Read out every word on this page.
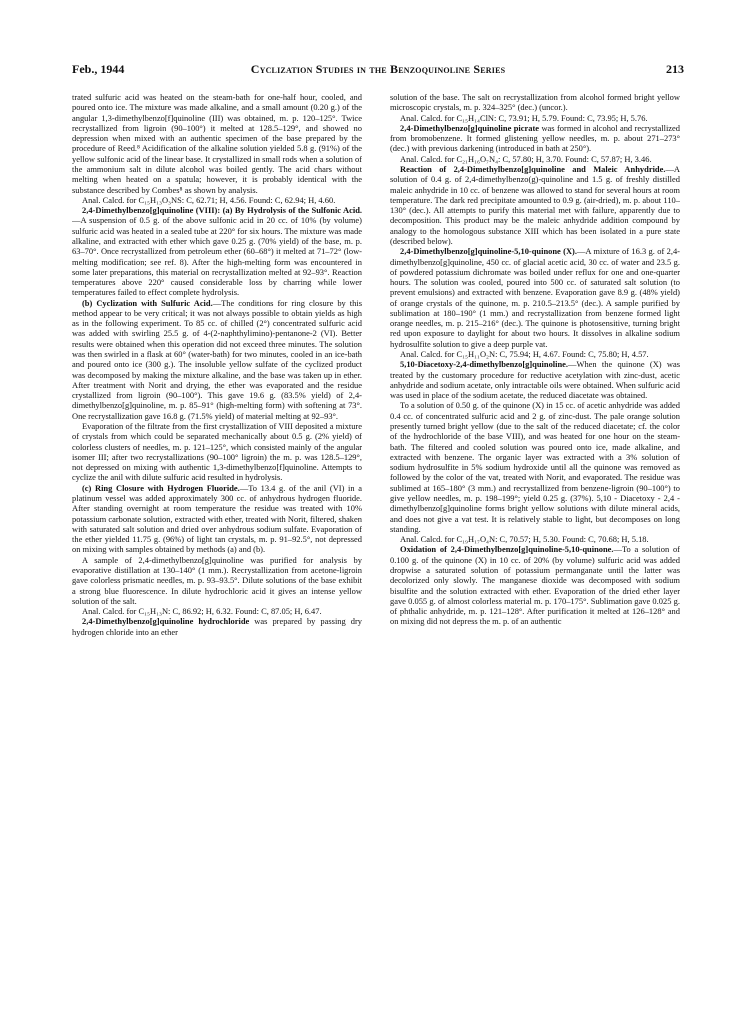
Feb., 1944	Cyclization Studies in the Benzoquinoline Series	213

trated sulfuric acid was heated on the steam-bath for one-half hour, cooled, and poured onto ice. The mixture was made alkaline, and a small amount (0.20 g.) of the angular 1,3-dimethylbenzo[f]quinoline (III) was obtained, m. p. 120–125°. Twice recrystallized from ligroin (90–100°) it melted at 128.5–129°, and showed no depression when mixed with an authentic specimen of the base prepared by the procedure of Reed.⁸ Acidification of the alkaline solution yielded 5.8 g. (91%) of the yellow sulfonic acid of the linear base. It crystallized in small rods when a solution of the ammonium salt in dilute alcohol was boiled gently. The acid chars without melting when heated on a spatula; however, it is probably identical with the substance described by Combes⁸ as shown by analysis.

Anal. Calcd. for C₁₅H₁₃O₃NS: C, 62.71; H, 4.56. Found: C, 62.94; H, 4.60.

2,4-Dimethylbenzo[g]quinoline (VIII): (a) By Hydrolysis of the Sulfonic Acid.—A suspension of 0.5 g. of the above sulfonic acid in 20 cc. of 10% (by volume) sulfuric acid was heated in a sealed tube at 220° for six hours. The mixture was made alkaline, and extracted with ether which gave 0.25 g. (70% yield) of the base, m. p. 63–70°. Once recrystallized from petroleum ether (60–68°) it melted at 71–72° (low-melting modification; see ref. 8). After the high-melting form was encountered in some later preparations, this material on recrystallization melted at 92–93°. Reaction temperatures above 220° caused considerable loss by charring while lower temperatures failed to effect complete hydrolysis.

(b) Cyclization with Sulfuric Acid.—The conditions for ring closure by this method appear to be very critical; it was not always possible to obtain yields as high as in the following experiment. To 85 cc. of chilled (2°) concentrated sulfuric acid was added with swirling 25.5 g. of 4-(2-naphthylimino)-pentanone-2 (VI). Better results were obtained when this operation did not exceed three minutes. The solution was then swirled in a flask at 60° (water-bath) for two minutes, cooled in an ice-bath and poured onto ice (300 g.). The insoluble yellow sulfate of the cyclized product was decomposed by making the mixture alkaline, and the base was taken up in ether. After treatment with Norit and drying, the ether was evaporated and the residue crystallized from ligroin (90–100°). This gave 19.6 g. (83.5% yield) of 2,4-dimethylbenzo[g]quinoline, m. p. 85–91° (high-melting form) with softening at 73°. One recrystallization gave 16.8 g. (71.5% yield) of material melting at 92–93°.

Evaporation of the filtrate from the first crystallization of VIII deposited a mixture of crystals from which could be separated mechanically about 0.5 g. (2% yield) of colorless clusters of needles, m. p. 121–125°, which consisted mainly of the angular isomer III; after two recrystallizations (90–100° ligroin) the m. p. was 128.5–129°, not depressed on mixing with authentic 1,3-dimethylbenzo[f]quinoline. Attempts to cyclize the anil with dilute sulfuric acid resulted in hydrolysis.

(c) Ring Closure with Hydrogen Fluoride.—To 13.4 g. of the anil (VI) in a platinum vessel was added approximately 300 cc. of anhydrous hydrogen fluoride. After standing overnight at room temperature the residue was treated with 10% potassium carbonate solution, extracted with ether, treated with Norit, filtered, shaken with saturated salt solution and dried over anhydrous sodium sulfate. Evaporation of the ether yielded 11.75 g. (96%) of light tan crystals, m. p. 91–92.5°, not depressed on mixing with samples obtained by methods (a) and (b).

A sample of 2,4-dimethylbenzo[g]quinoline was purified for analysis by evaporative distillation at 130–140° (1 mm.). Recrystallization from acetone-ligroin gave colorless prismatic needles, m. p. 93–93.5°. Dilute solutions of the base exhibit a strong blue fluorescence. In dilute hydrochloric acid it gives an intense yellow solution of the salt.

Anal. Calcd. for C₁₅H₁₃N: C, 86.92; H, 6.32. Found: C, 87.05; H, 6.47.

2,4-Dimethylbenzo[g]quinoline hydrochloride was prepared by passing dry hydrogen chloride into an ether

solution of the base. The salt on recrystallization from alcohol formed bright yellow microscopic crystals, m. p. 324–325° (dec.) (uncor.).

Anal. Calcd. for C₁₅H₁₄ClN: C, 73.91; H, 5.79. Found: C, 73.95; H, 5.76.

2,4-Dimethylbenzo[g]quinoline picrate was formed in alcohol and recrystallized from bromobenzene. It formed glistening yellow needles, m. p. about 271–273° (dec.) with previous darkening (introduced in bath at 250°).

Anal. Calcd. for C₂₁H₁₆O₇N₄: C, 57.80; H, 3.70. Found: C, 57.87; H, 3.46.

Reaction of 2,4-Dimethylbenzo[g]quinoline and Maleic Anhydride.—A solution of 0.4 g. of 2,4-dimethylbenzo(g)-quinoline and 1.5 g. of freshly distilled maleic anhydride in 10 cc. of benzene was allowed to stand for several hours at room temperature. The dark red precipitate amounted to 0.9 g. (air-dried), m. p. about 110–130° (dec.). All attempts to purify this material met with failure, apparently due to decomposition. This product may be the maleic anhydride addition compound by analogy to the homologous substance XIII which has been isolated in a pure state (described below).

2,4-Dimethylbenzo[g]quinoline-5,10-quinone (X).—A mixture of 16.3 g. of 2,4-dimethylbenzo[g]quinoline, 450 cc. of glacial acetic acid, 30 cc. of water and 23.5 g. of powdered potassium dichromate was boiled under reflux for one and one-quarter hours. The solution was cooled, poured into 500 cc. of saturated salt solution (to prevent emulsions) and extracted with benzene. Evaporation gave 8.9 g. (48% yield) of orange crystals of the quinone, m. p. 210.5–213.5° (dec.). A sample purified by sublimation at 180–190° (1 mm.) and recrystallization from benzene formed light orange needles, m. p. 215–216° (dec.). The quinone is photosensitive, turning bright red upon exposure to daylight for about two hours. It dissolves in alkaline sodium hydrosulfite solution to give a deep purple vat.

Anal. Calcd. for C₁₅H₁₁O₂N: C, 75.94; H, 4.67. Found: C, 75.80; H, 4.57.

5,10-Diacetoxy-2,4-dimethylbenzo[g]quinoline.—When the quinone (X) was treated by the customary procedure for reductive acetylation with zinc-dust, acetic anhydride and sodium acetate, only intractable oils were obtained. When sulfuric acid was used in place of the sodium acetate, the reduced diacetate was obtained.

To a solution of 0.50 g. of the quinone (X) in 15 cc. of acetic anhydride was added 0.4 cc. of concentrated sulfuric acid and 2 g. of zinc-dust. The pale orange solution presently turned bright yellow (due to the salt of the reduced diacetate; cf. the color of the hydrochloride of the base VIII), and was heated for one hour on the steam-bath. The filtered and cooled solution was poured onto ice, made alkaline, and extracted with benzene. The organic layer was extracted with a 3% solution of sodium hydrosulfite in 5% sodium hydroxide until all the quinone was removed as followed by the color of the vat, treated with Norit, and evaporated. The residue was sublimed at 165–180° (3 mm.) and recrystallized from benzene-ligroin (90–100°) to give yellow needles, m. p. 198–199°; yield 0.25 g. (37%). 5,10 - Diacetoxy - 2,4 - dimethylbenzo[g]quinoline forms bright yellow solutions with dilute mineral acids, and does not give a vat test. It is relatively stable to light, but decomposes on long standing.

Anal. Calcd. for C₁₉H₁₇O₄N: C, 70.57; H, 5.30. Found: C, 70.68; H, 5.18.

Oxidation of 2,4-Dimethylbenzo[g]quinoline-5,10-quinone.—To a solution of 0.100 g. of the quinone (X) in 10 cc. of 20% (by volume) sulfuric acid was added dropwise a saturated solution of potassium permanganate until the latter was decolorized only slowly. The manganese dioxide was decomposed with sodium bisulfite and the solution extracted with ether. Evaporation of the dried ether layer gave 0.055 g. of almost colorless material m. p. 170–175°. Sublimation gave 0.025 g. of phthalic anhydride, m. p. 121–128°. After purification it melted at 126–128° and on mixing did not depress the m. p. of an authentic
